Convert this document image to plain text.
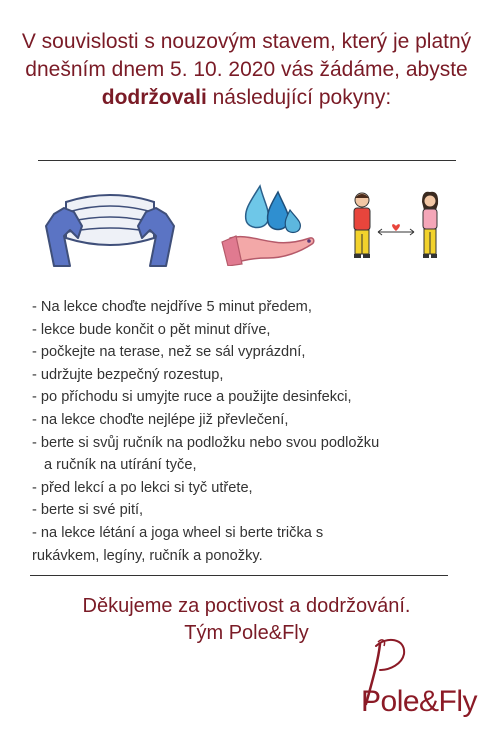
V souvislosti s nouzovým stavem, který je platný dnešním dnem 5. 10. 2020 vás žádáme, abyste dodržovali následující pokyny:
- Na lekce choďte nejdříve 5 minut předem,
- lekce bude končit o pět minut dříve,
- počkejte na terase, než se sál vyprázdní,
- udržujte bezpečný rozestup,
- po příchodu si umyjte ruce a použijte desinfekci,
- na lekce choďte nejlépe již převlečení,
- berte si svůj ručník na podložku nebo svou podložku
a ručník na utírání tyče,
- před lekcí a po lekci si tyč utřete,
- berte si své pití,
- na lekce létání a joga wheel si berte trička s
rukávkem, legíny, ručník a ponožky.
Děkujeme za poctivost a dodržování.
Tým Pole&Fly
Pole&Fly
